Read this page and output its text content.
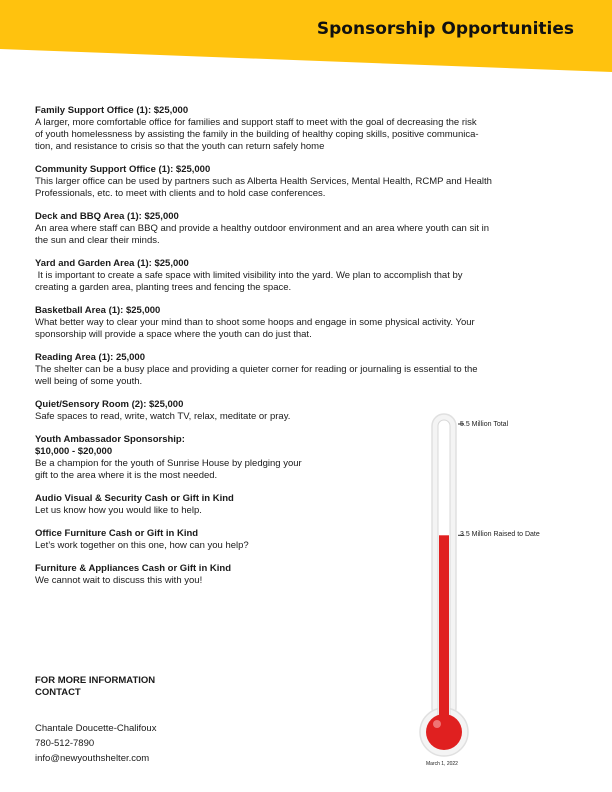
Sponsorship Opportunities
Family Support Office (1): $25,000
A larger, more comfortable office for families and support staff to meet with the goal of decreasing the risk
of youth homelessness by assisting the family in the building of healthy coping skills, positive communica-
tion, and resistance to crisis so that the youth can return safely home
Community Support Office (1): $25,000
This larger office can be used by partners such as Alberta Health Services, Mental Health, RCMP and Health
Professionals, etc. to meet with clients and to hold case conferences.
Deck and BBQ Area (1): $25,000
An area where staff can BBQ and provide a healthy outdoor environment and an area where youth can sit in
the sun and clear their minds.
Yard and Garden Area (1): $25,000
It is important to create a safe space with limited visibility into the yard. We plan to accomplish that by
creating a garden area, planting trees and fencing the space.
Basketball Area (1): $25,000
What better way to clear your mind than to shoot some hoops and engage in some physical activity. Your
sponsorship will provide a space where the youth can do just that.
Reading Area (1): 25,000
The shelter can be a busy place and providing a quieter corner for reading or journaling is essential to the
well being of some youth.
Quiet/Sensory Room (2): $25,000
Safe spaces to read, write, watch TV, relax, meditate or pray.
Youth Ambassador Sponsorship:
$10,000 - $20,000
Be a champion for the youth of Sunrise House by pledging your
gift to the area where it is the most needed.
Audio Visual & Security Cash or Gift in Kind
Let us know how you would like to help.
Office Furniture Cash or Gift in Kind
Let’s work together on this one, how can you help?
Furniture & Appliances Cash or Gift in Kind
We cannot wait to discuss this with you!
FOR MORE INFORMATION
CONTACT
Chantale Doucette-Chalifoux
780-512-7890
info@newyouthshelter.com
5.5 Million Total
3.5 Million Raised to Date
March 1, 2022
